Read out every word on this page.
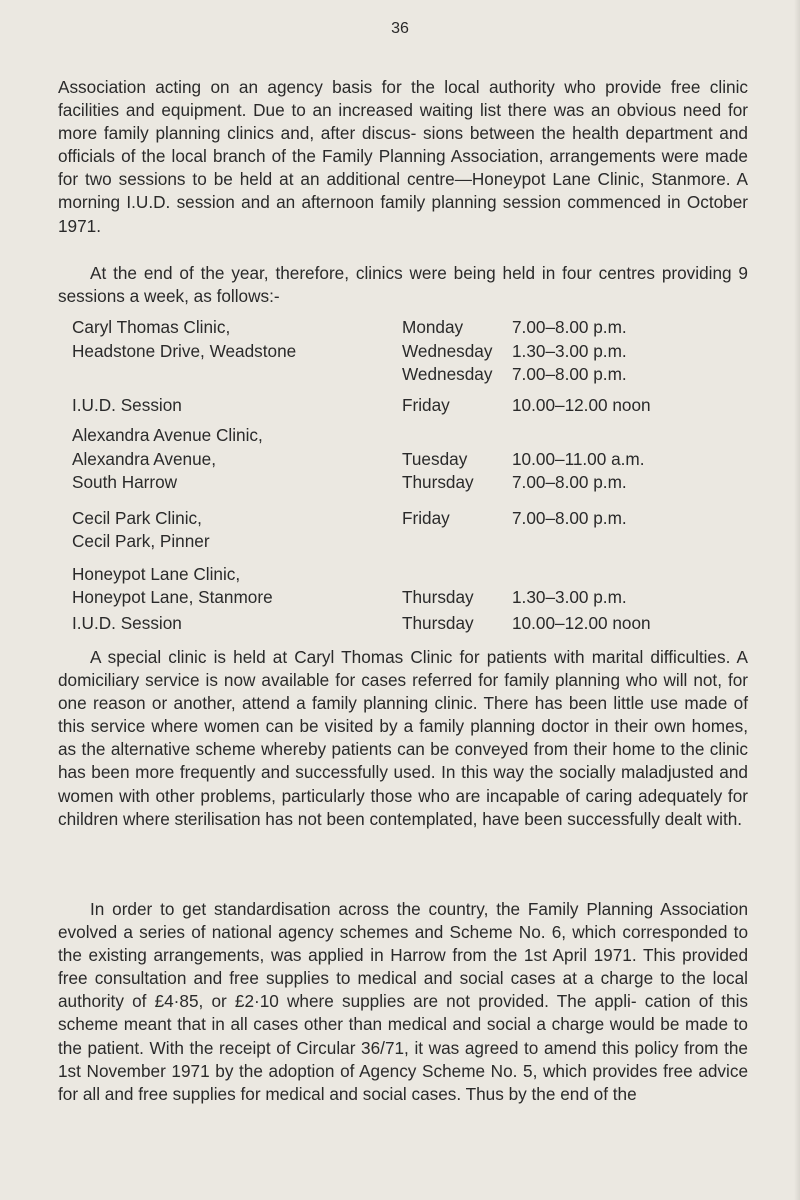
36

Association acting on an agency basis for the local authority who provide free clinic facilities and equipment. Due to an increased waiting list there was an obvious need for more family planning clinics and, after discus- sions between the health department and officials of the local branch of the Family Planning Association, arrangements were made for two sessions to be held at an additional centre—Honeypot Lane Clinic, Stanmore. A morning I.U.D. session and an afternoon family planning session commenced in October 1971.

At the end of the year, therefore, clinics were being held in four centres providing 9 sessions a week, as follows:-

Caryl Thomas Clinic,
Headstone Drive, Weadstone
I.U.D. Session
Alexandra Avenue Clinic,
Alexandra Avenue,
South Harrow
Cecil Park Clinic,
Cecil Park, Pinner
Honeypot Lane Clinic,
Honeypot Lane, Stanmore
I.U.D. Session
Monday
Wednesday
Wednesday
Friday
Tuesday
Thursday
Friday
Thursday
Thursday
7.00–8.00 p.m.
1.30–3.00 p.m.
7.00–8.00 p.m.
10.00–12.00 noon
10.00–11.00 a.m.
7.00–8.00 p.m.
7.00–8.00 p.m.
1.30–3.00 p.m.
10.00–12.00 noon

A special clinic is held at Caryl Thomas Clinic for patients with marital difficulties. A domiciliary service is now available for cases referred for family planning who will not, for one reason or another, attend a family planning clinic. There has been little use made of this service where women can be visited by a family planning doctor in their own homes, as the alternative scheme whereby patients can be conveyed from their home to the clinic has been more frequently and successfully used. In this way the socially maladjusted and women with other problems, particularly those who are incapable of caring adequately for children where sterilisation has not been contemplated, have been successfully dealt with.

In order to get standardisation across the country, the Family Planning Association evolved a series of national agency schemes and Scheme No. 6, which corresponded to the existing arrangements, was applied in Harrow from the 1st April 1971. This provided free consultation and free supplies to medical and social cases at a charge to the local authority of £4·85, or £2·10 where supplies are not provided. The appli- cation of this scheme meant that in all cases other than medical and social a charge would be made to the patient. With the receipt of Circular 36/71, it was agreed to amend this policy from the 1st November 1971 by the adoption of Agency Scheme No. 5, which provides free advice for all and free supplies for medical and social cases. Thus by the end of the
